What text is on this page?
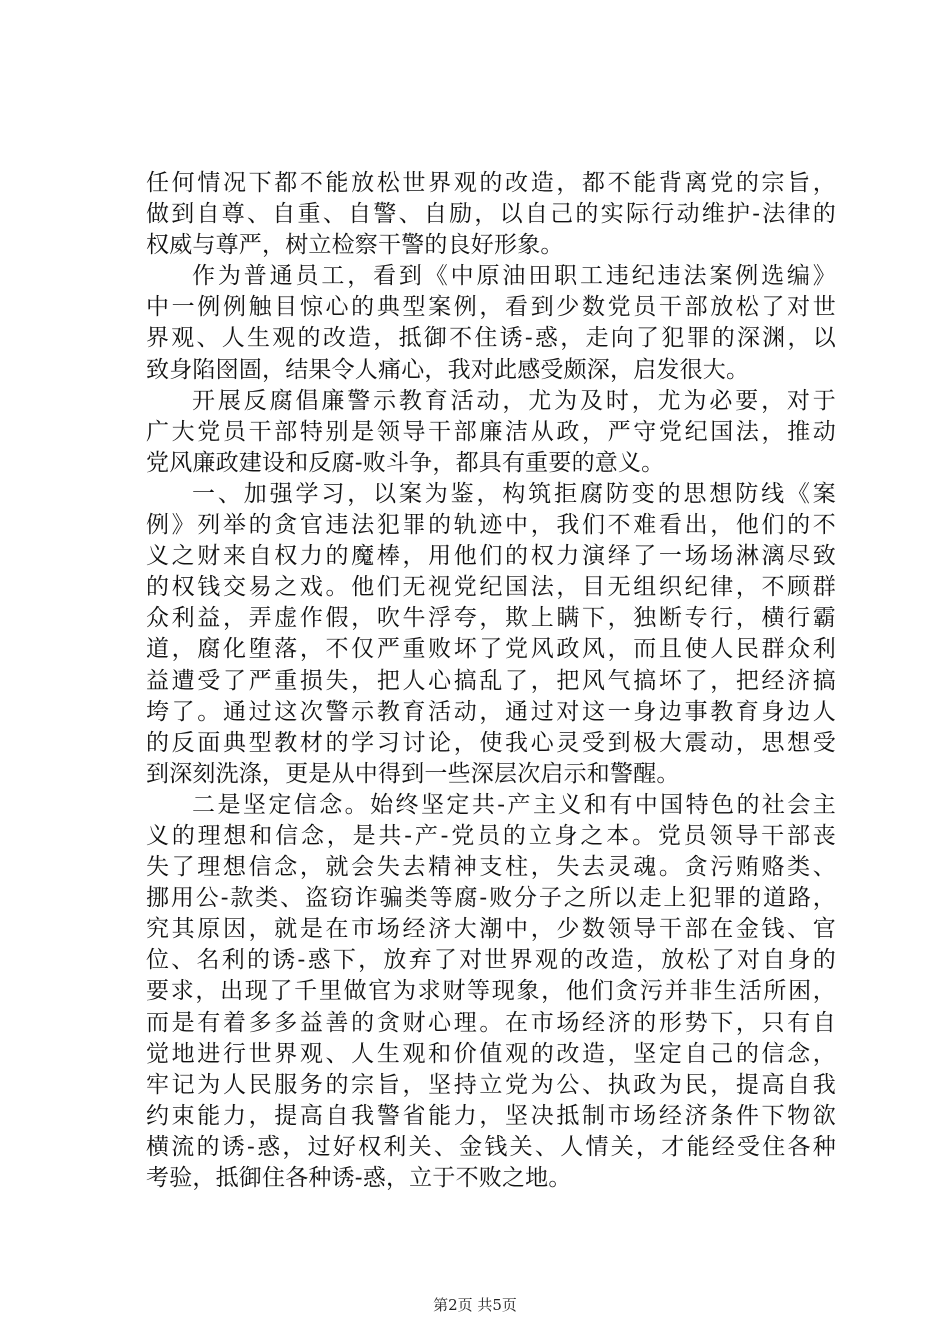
任何情况下都不能放松世界观的改造，都不能背离党的宗旨，
做到自尊、自重、自警、自励，以自己的实际行动维护-法律的
权威与尊严，树立检察干警的良好形象。
作为普通员工，看到《中原油田职工违纪违法案例选编》
中一例例触目惊心的典型案例，看到少数党员干部放松了对世
界观、人生观的改造，抵御不住诱-惑，走向了犯罪的深渊，以
致身陷囹圄，结果令人痛心，我对此感受颇深，启发很大。
开展反腐倡廉警示教育活动，尤为及时，尤为必要，对于
广大党员干部特别是领导干部廉洁从政，严守党纪国法，推动
党风廉政建设和反腐-败斗争，都具有重要的意义。
一、加强学习，以案为鉴，构筑拒腐防变的思想防线《案
例》列举的贪官违法犯罪的轨迹中，我们不难看出，他们的不
义之财来自权力的魔棒，用他们的权力演绎了一场场淋漓尽致
的权钱交易之戏。他们无视党纪国法，目无组织纪律，不顾群
众利益，弄虚作假，吹牛浮夸，欺上瞒下，独断专行，横行霸
道，腐化堕落，不仅严重败坏了党风政风，而且使人民群众利
益遭受了严重损失，把人心搞乱了，把风气搞坏了，把经济搞
垮了。通过这次警示教育活动，通过对这一身边事教育身边人
的反面典型教材的学习讨论，使我心灵受到极大震动，思想受
到深刻洗涤，更是从中得到一些深层次启示和警醒。
二是坚定信念。始终坚定共-产主义和有中国特色的社会主
义的理想和信念，是共-产-党员的立身之本。党员领导干部丧
失了理想信念，就会失去精神支柱，失去灵魂。贪污贿赂类、
挪用公-款类、盗窃诈骗类等腐-败分子之所以走上犯罪的道路，
究其原因，就是在市场经济大潮中，少数领导干部在金钱、官
位、名利的诱-惑下，放弃了对世界观的改造，放松了对自身的
要求，出现了千里做官为求财等现象，他们贪污并非生活所困，
而是有着多多益善的贪财心理。在市场经济的形势下，只有自
觉地进行世界观、人生观和价值观的改造，坚定自己的信念，
牢记为人民服务的宗旨，坚持立党为公、执政为民，提高自我
约束能力，提高自我警省能力，坚决抵制市场经济条件下物欲
横流的诱-惑，过好权利关、金钱关、人情关，才能经受住各种
考验，抵御住各种诱-惑，立于不败之地。
第2页 共5页
